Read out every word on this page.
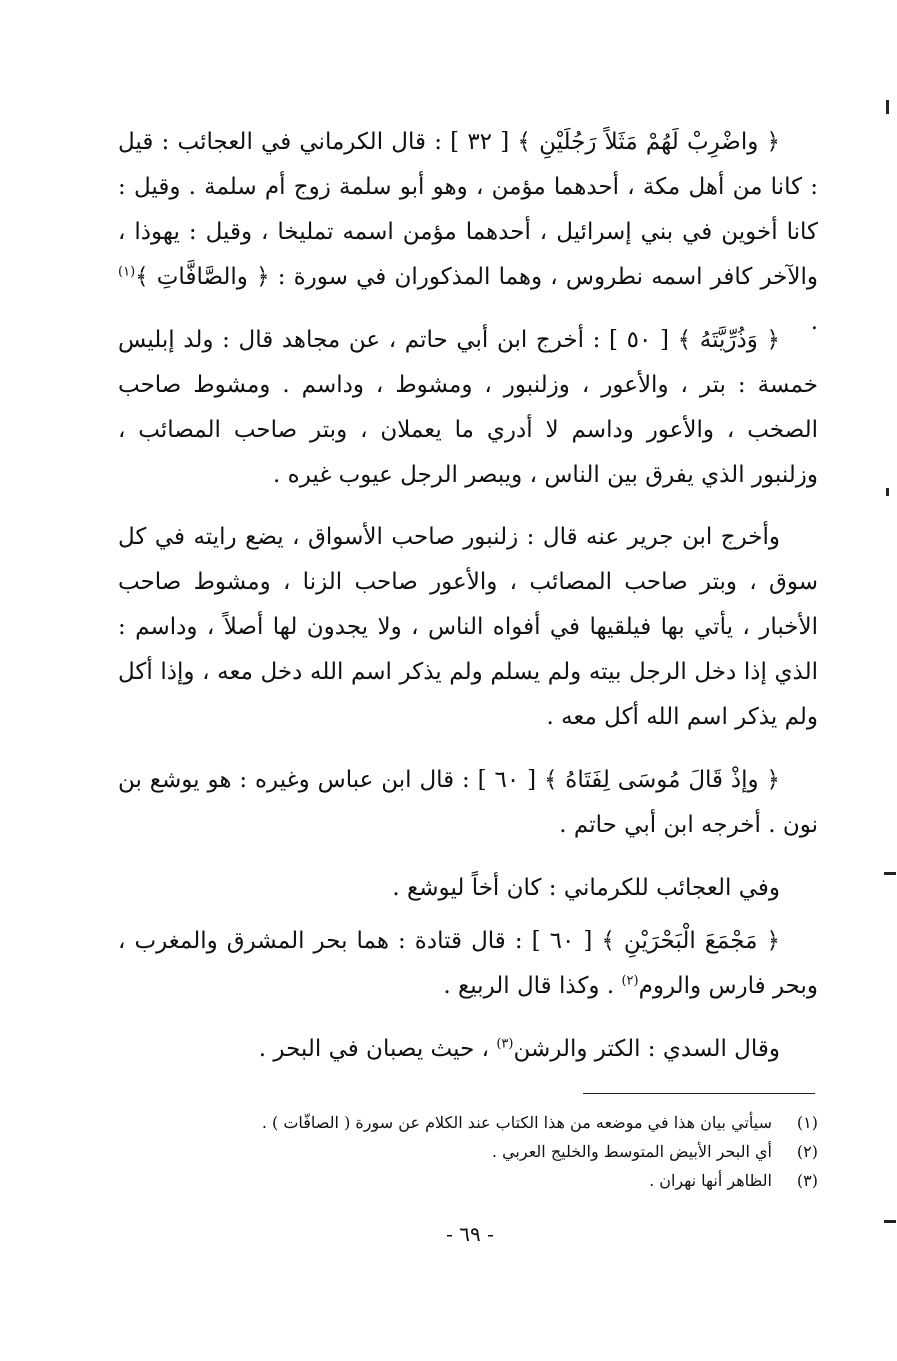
﴿ واضْرِبْ لَهُمْ مَثَلاً رَجُلَيْنِ ﴾ [ ٣٢ ] : قال الكرماني في العجائب : قيل : كانا من أهل مكة ، أحدهما مؤمن ، وهو أبو سلمة زوج أم سلمة . وقيل : كانا أخوين في بني إسرائيل ، أحدهما مؤمن اسمه تمليخا ، وقيل : يهوذا ، والآخر كافر اسمه نطروس ، وهما المذكوران في سورة : ﴿ والصَّافَّاتِ ﴾$^{(١)}$ .

﴿ وَذُرِّيَّتَهُ ﴾ [ ٥٠ ] : أخرج ابن أبي حاتم ، عن مجاهد قال : ولد إبليس خمسة : بتر ، والأعور ، وزلنبور ، ومشوط ، وداسم . ومشوط صاحب الصخب ، والأعور وداسم لا أدري ما يعملان ، وبتر صاحب المصائب ، وزلنبور الذي يفرق بين الناس ، ويبصر الرجل عيوب غيره .

وأخرج ابن جرير عنه قال : زلنبور صاحب الأسواق ، يضع رايته في كل سوق ، وبتر صاحب المصائب ، والأعور صاحب الزنا ، ومشوط صاحب الأخبار ، يأتي بها فيلقيها في أفواه الناس ، ولا يجدون لها أصلاً ، وداسم : الذي إذا دخل الرجل بيته ولم يسلم ولم يذكر اسم الله دخل معه ، وإذا أكل ولم يذكر اسم الله أكل معه .

﴿ وإذْ قَالَ مُوسَى لِفَتَاهُ ﴾ [ ٦٠ ] : قال ابن عباس وغيره : هو يوشع بن نون . أخرجه ابن أبي حاتم .

وفي العجائب للكرماني : كان أخاً ليوشع .

﴿ مَجْمَعَ الْبَحْرَيْنِ ﴾ [ ٦٠ ] : قال قتادة : هما بحر المشرق والمغرب ، وبحر فارس والروم$^{(٢)}$ . وكذا قال الربيع .

وقال السدي : الكتر والرشن$^{(٣)}$ ، حيث يصبان في البحر .

(١)
سيأتي بيان هذا في موضعه من هذا الكتاب عند الكلام عن سورة ( الصافّات ) .
(٢)
أي البحر الأبيض المتوسط والخليج العربي .
(٣)
الظاهر أنها نهران .
- ٦٩ -
